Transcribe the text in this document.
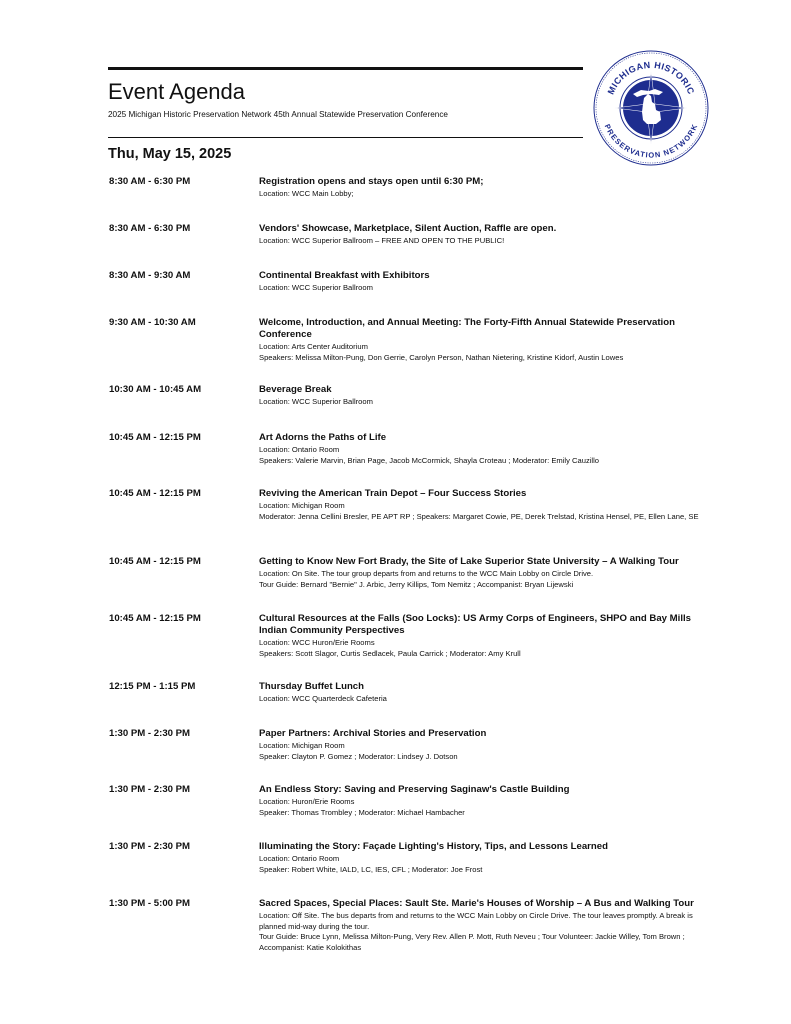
Event Agenda
2025 Michigan Historic Preservation Network 45th Annual Statewide Preservation Conference
Thu, May 15, 2025
MICHIGAN HISTORIC
PRESERVATION NETWORK
8:30 AM - 6:30 PM	Registration opens and stays open until 6:30 PM;
Location: WCC Main Lobby;
8:30 AM - 6:30 PM	Vendors' Showcase, Marketplace, Silent Auction, Raffle are open.
Location: WCC Superior Ballroom – FREE AND OPEN TO THE PUBLIC!
8:30 AM - 9:30 AM	Continental Breakfast with Exhibitors
Location: WCC Superior Ballroom
9:30 AM - 10:30 AM	Welcome, Introduction, and Annual Meeting: The Forty-Fifth Annual Statewide Preservation Conference
Location: Arts Center Auditorium
Speakers: Melissa Milton-Pung, Don Gerrie, Carolyn Person, Nathan Nietering, Kristine Kidorf, Austin Lowes
10:30 AM - 10:45 AM	Beverage Break
Location: WCC Superior Ballroom
10:45 AM - 12:15 PM	Art Adorns the Paths of Life
Location: Ontario Room
Speakers: Valerie Marvin, Brian Page, Jacob McCormick, Shayla Croteau ; Moderator: Emily Cauzillo
10:45 AM - 12:15 PM	Reviving the American Train Depot – Four Success Stories
Location: Michigan Room
Moderator: Jenna Cellini Bresler, PE APT RP ; Speakers: Margaret Cowie, PE, Derek Trelstad, Kristina Hensel, PE, Ellen Lane, SE
10:45 AM - 12:15 PM	Getting to Know New Fort Brady, the Site of Lake Superior State University – A Walking Tour
Location: On Site. The tour group departs from and returns to the WCC Main Lobby on Circle Drive.
Tour Guide: Bernard "Bernie" J. Arbic, Jerry Killips, Tom Nemitz ; Accompanist: Bryan Lijewski
10:45 AM - 12:15 PM	Cultural Resources at the Falls (Soo Locks): US Army Corps of Engineers, SHPO and Bay Mills Indian Community Perspectives
Location: WCC Huron/Erie Rooms
Speakers: Scott Slagor, Curtis Sedlacek, Paula Carrick ; Moderator: Amy Krull
12:15 PM - 1:15 PM	Thursday Buffet Lunch
Location: WCC Quarterdeck Cafeteria
1:30 PM - 2:30 PM	Paper Partners: Archival Stories and Preservation
Location: Michigan Room
Speaker: Clayton P. Gomez ; Moderator: Lindsey J. Dotson
1:30 PM - 2:30 PM	An Endless Story: Saving and Preserving Saginaw's Castle Building
Location: Huron/Erie Rooms
Speaker: Thomas Trombley ; Moderator: Michael Hambacher
1:30 PM - 2:30 PM	Illuminating the Story: Façade Lighting's History, Tips, and Lessons Learned
Location: Ontario Room
Speaker: Robert White, IALD, LC, IES, CFL ; Moderator: Joe Frost
1:30 PM - 5:00 PM	Sacred Spaces, Special Places: Sault Ste. Marie's Houses of Worship – A Bus and Walking Tour
Location: Off Site. The bus departs from and returns to the WCC Main Lobby on Circle Drive. The tour leaves promptly. A break is planned mid-way during the tour.
Tour Guide: Bruce Lynn, Melissa Milton-Pung, Very Rev. Allen P. Mott, Ruth Neveu ; Tour Volunteer: Jackie Willey, Tom Brown ; Accompanist: Katie Kolokithas
